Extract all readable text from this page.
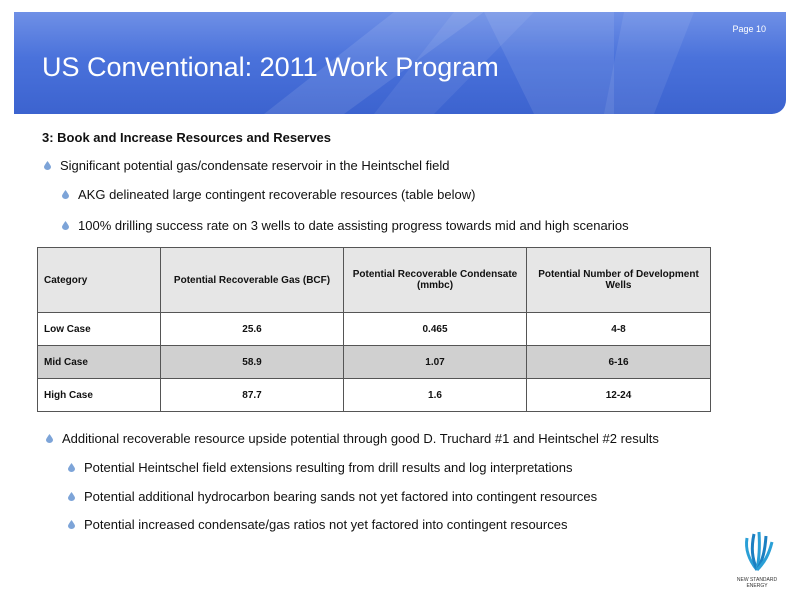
Page 10
US Conventional: 2011 Work Program
3: Book and Increase Resources and Reserves
Significant potential gas/condensate reservoir in the Heintschel field
AKG delineated large contingent recoverable resources (table below)
100% drilling success rate on 3 wells to date assisting progress towards mid and high scenarios
Category	Potential Recoverable Gas (BCF)	Potential Recoverable Condensate (mmbc)	Potential Number of Development Wells
Low Case	25.6	0.465	4-8
Mid Case	58.9	1.07	6-16
High Case	87.7	1.6	12-24
Additional recoverable resource upside potential through good D. Truchard #1 and Heintschel #2 results
Potential Heintschel field extensions resulting from drill results and log interpretations
Potential additional hydrocarbon bearing sands not yet factored into contingent resources
Potential increased condensate/gas ratios not yet factored into contingent resources
NEW STANDARD
ENERGY
